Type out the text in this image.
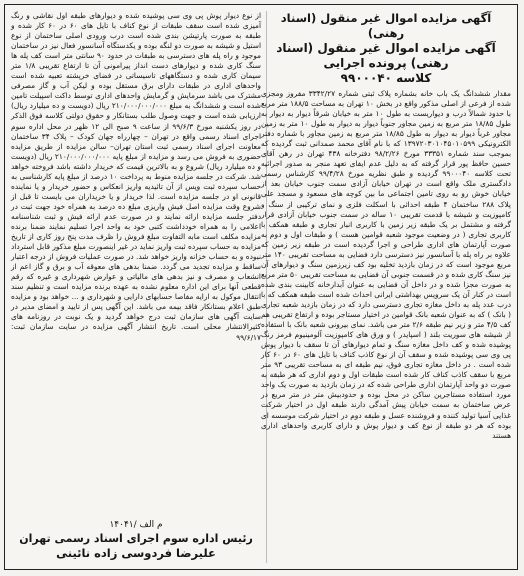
آگهی مزایده اموال غیر منقول (اسناد رهنی)

آگهی مزایده اموال غیر منقول (اسناد رهنی) پرونده اجرایی

کلاسه ۹۹۰۰۰۴۰

مقدار ششدانگ یک باب خانه بشماره پلاک ثبتی شماره ۳۳۴۲/۲۷ مفروز ومجزی شده از فرعی از اصلی مذکور واقع در بخش ۱۰ تهران به مساحت ۱۸۸/۵ متر مربع با حدود شمالاً درب و دیواریست به طول ۱۰ متر به خیابان شرقاً دیوار به دیوار به طول ۱۸/۸۵ متر مربع به زمین مجاور جنوباً دیوار به دیوار به طول ۱۰ متر به زمین مجاور غرباً دیوار به دیوار به طول ۱۸/۸۵ متر مربع به زمین مجاور با شماره دفتر الکترونیکی ۱۳۹۷۲۰۳۰۱۰۴۵۰۱۰۵۹۹ که با نام آقای محمد صمدانی ثبت گردیده که بموجب سند شماره ۳۳۳۵۱ مورخ ۹۸/۲/۲۶ دفترخانه ۴۳۸ تهران در رهن آقای حسین حافظ پور قرار گرفته که به دلیل عدم ایفای تعهد منجر به صدور اجرائیه تحت کلاسه ۹۹۰۰۰۴۰ گردیده و طبق نظریه مورخ ۹۹/۴/۲۸ کارشناس رسمی دادگستری ملک واقع است در تهران خیابان آزادی سمت جنوب خیابان بعد از خیابان خوش رو به روی تامین اجتماعی ما بین کوچه های مسعود و مسجد علی پلاک ۲۸۸ ساختمان ۴ طبقه احداثی با اسکلت فلزی و نمای ترکیبی از سنگ و کامپوزیت و شیشه با قدمت تقریبی ۱۰ ساله در سمت جنوب خیابان آزادی قرار گرفته و مشتمل بر یک طبقه زیر زمین با کاربری انبار تجاری و طبقه همکف با کاربری تجاری ( در وضعیت موجود شعبه قوامین هست ) و طبقات اول و دوم به صورت آپارتمان های اداری طراحی و اجرا گردیده است در طبقه زیر زمین که علاوه بر راه پله با آسانسور نیز دسترسی دارد فضایی به مساحت تقریبی ۱۴۰ متر مربع موجود است که در زمان بازدید تخلیه بود کف زیرزمین سنگ و دیوارهای آن نیز سنگ کاری شده و در قسمت جنوبی آن فضایی به مساحت تقریبی ۵۰ متر مربع به صورت مجزا شده و در داخل آن فضایی به عنوان آبدارخانه کابینت بندی شده است در کنار آن یک سرویس بهداشتی ایرانی احداث شده است طبقه همکف که با درب عدد پله به داخل مغازه تجاری دسترسی دارد که در زمان بازدید شعبه تجاری ( بانک ) که به عنوان شعبه بانک قوامین در اختیار مستاجر بوده و ارتفاع تقریبی هم کف ۴/۵ متر و زیر نیم طبقه ۲/۶ متر می باشد. نمای بیرونی شعبه بانک با استفاده از شیشه های سوریت بلند ( اسپایدر ) و ورق های کامپوزیت آلومینیوم فرمز رنگ پوشیده شده و کف داخل مغازه سنگ و تمام دیوارهای آن تا سقف با دیوار پوش پی وی سی پوشیده شده و سقف آن از نوع کاذب کناف با تایل های ۶۰ در ۶۰ کار شده است . در داخل مغازه تجاری فوق، نیم طبقه ای به مساحت تقریبی ۹۳ متر مربع با سقف کاذب کناف کار شده است طبقات اول و دوم اداری که هر طبقه به صورت دو واحد آپارتمان اداری طراحی شده که در زمان بازدید به صورت یک واحد مورد استفاده مستاجرین ساکن در محل بوده و حدودبیش متر در متر مربع در عرض ساختمان به سمت خیابان پیش آمدگی دارند طبقه اول در اختیار شرکت غذایی آسیا تولید کننده و فروشنده عسل و طبقه دوم در اختیار شرکت موسسه ای بوده که هر دو طبقه از نوع کف و دیوار پوش و دارای کاربری واحدهای اداری هستند

از نوع دیوار پوش پی وی سی پوشیده شده و دیوارهای طبقه اول نقاشی و رنگ آمیزی شده است سقف طبقات از نوع کناف با تایل های ۶۰ در ۶۰ کار شده و طبقه به صورت پارتیشن بندی شده است درب ورودی اصلی ساختمان از نوع استیل و شیشه به صورت دو لنگه بوده و یکدستگاه آسانسور فعال نیز در ساختمان موجود و راه پله های دسترسی به طبقات در حدود ۹۰ سانتی متر است کف پله ها سنگ کاری شده و دیوارهای دست انداز پیرامونی آن تا ارتفاع تقریبی ۱/۸ متر سیمان کاری شده و دستگاههای تاسیساتی در فضای خرپشته تعبیه شده است واحدهای اداری در طبقات دارای برق مستقل بوده و لیکن آب و گاز مصرفی مشترک می باشد سرمایش و گرمایش واحدهای اداری توسط داکت اسپیلت تامین شده است و ششدانگ به مبلغ ۲۱۰/۰۰۰/۰۰۰/۰۰۰ ریال (دویست و ده میلیارد ریال) ارزیابی شده است و جهت وصول طلب بستانکار و حقوق دولتی کلاسه فوق الذکر در روز یکشنبه مورخ ۹۹/۶/۳ از ساعت ۹ صبح الی ۱۲ ظهر در محل اداره سوم اجرای اسناد رسمی واقع در تهران – چهارراه جهان کودک – پلاک ۳۴ ساختمان معاونت اجرای اسناد رسمی ثبت استان تهران– سالن مزایده از طریق مزایده حضوری به فروش می رسد و مزایده از مبلغ پایه ۲۱۰/۰۰۰/۰۰۰/۰۰۰ ریال (دویست و ده میلیارد ریال) شروع و به بالاترین قیمت که خریدار داشته باشد فروخته خواهد شد. شرکت در جلسه مزایده منوط به پرداخت ۱۰ درصد از مبلغ پایه کارشناسی به حساب سپرده ثبت ویس از آن تاثیدیه واریز انعکاس و حضور خریدار و یا نماینده قانونی او در جلسه مزایده است. لذا خریدار و یا خریداران می بایست تا قبل از شروع وقت مزایده اصل فیش واریزی مبلغ ده درصد به همراه خود جهت ثبت در دفتر جلسه مزایده ارائه نمایند و در صورت عدم ارائه فیش و ثبت شناسنامه اعلامی را به همراه خودداشت کتبی خود به واحد اجرا تسلیم نمایند ضمنا برنده مزایده مکلف است مابه التفاوت مبلغ فروش را ظرف مدت پنج روز کاری از تاریخ مزایده به حساب سپرده ثبت واریز نماید در غیر اینصورت مبلغ مذکور قابل استرداد نبوده و به حساب خزانه واریز خواهد شد. در صورت عملیات فروش از درجه اعتبار ساقط و مزایده تجدید می گردد. ضمنا بدهی های معوقه آب و برق و گاز اعم از انشعاب و مصرف و نیز بدهی های مالیاتی و عوارض شهرداری و غیره که رقم قطعی آنها برای این اداره معلوم نشده به عهده برنده مزایده است و تنظیم سند انتقال موکول به ارایه مفاصا حسابهای دارایی و شهرداری و ... خواهد بود و مزایده طبق اعلام بستانکار فاقد بیمه می باشد. این آگهی پس از تایید و امضای مدیر در سایت آگهی های سازمان ثبت درج خواهد گردید و یک نوبت در روزنامه های کثیرالانتشار محلی است. تاریخ انتشار آگهی مزایده در سایت سازمان ثبت: ۹۹/۶/۱۷

۱۴۰۴۱/ م الف
رئیس اداره سوم اجرای اسناد رسمی تهران
علیرضا فردوسی زاده نائینی
